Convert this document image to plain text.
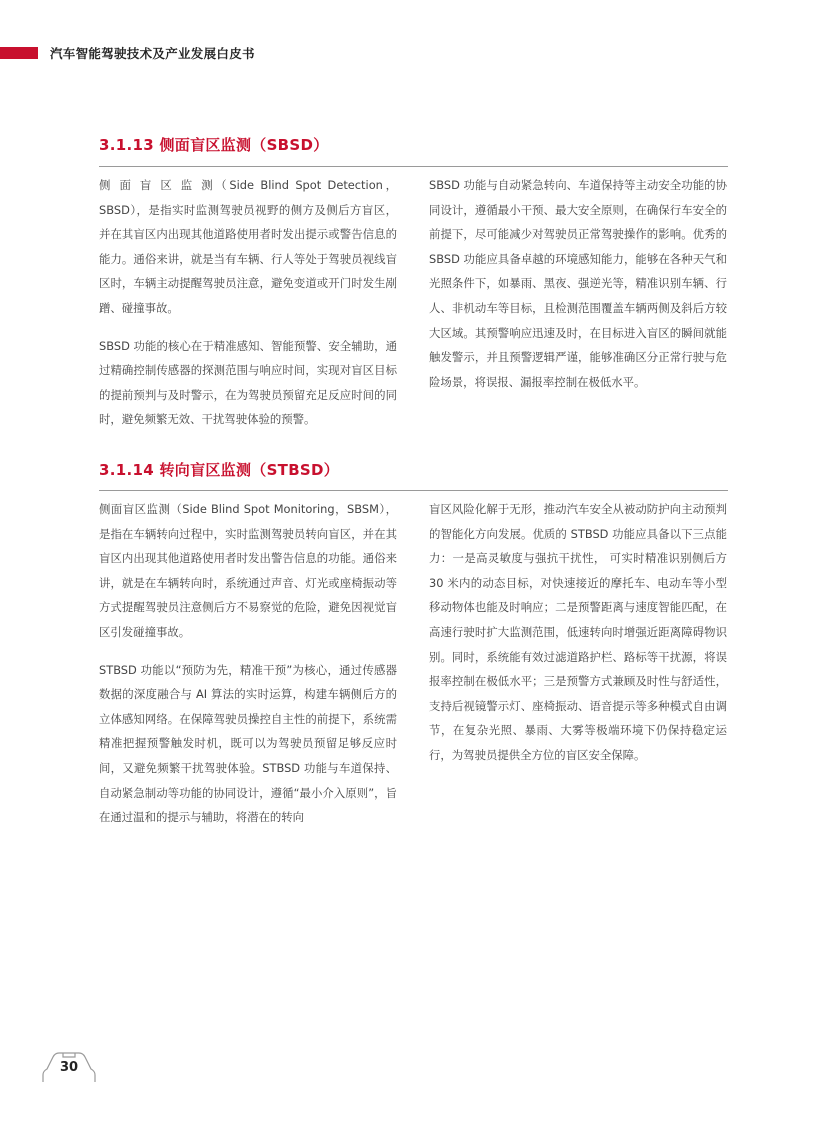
汽车智能驾驶技术及产业发展白皮书
3.1.13 侧面盲区监测（SBSD）

侧 面 盲 区 监 测（Side Blind Spot Detection，SBSD），是指实时监测驾驶员视野的侧方及侧后方盲区，并在其盲区内出现其他道路使用者时发出提示或警告信息的能力。通俗来讲，就是当有车辆、行人等处于驾驶员视线盲区时，车辆主动提醒驾驶员注意，避免变道或开门时发生剐蹭、碰撞事故。

SBSD 功能的核心在于精准感知、智能预警、安全辅助，通过精确控制传感器的探测范围与响应时间，实现对盲区目标的提前预判与及时警示，在为驾驶员预留充足反应时间的同时，避免频繁无效、干扰驾驶体验的预警。

SBSD 功能与自动紧急转向、车道保持等主动安全功能的协同设计，遵循最小干预、最大安全原则，在确保行车安全的前提下，尽可能减少对驾驶员正常驾驶操作的影响。优秀的 SBSD 功能应具备卓越的环境感知能力，能够在各种天气和光照条件下，如暴雨、黑夜、强逆光等，精准识别车辆、行人、非机动车等目标，且检测范围覆盖车辆两侧及斜后方较大区域。其预警响应迅速及时，在目标进入盲区的瞬间就能触发警示，并且预警逻辑严谨，能够准确区分正常行驶与危险场景，将误报、漏报率控制在极低水平。

3.1.14 转向盲区监测（STBSD）

侧面盲区监测（Side Blind Spot Monitoring，SBSM），是指在车辆转向过程中，实时监测驾驶员转向盲区，并在其盲区内出现其他道路使用者时发出警告信息的功能。通俗来讲，就是在车辆转向时，系统通过声音、灯光或座椅振动等方式提醒驾驶员注意侧后方不易察觉的危险，避免因视觉盲区引发碰撞事故。

STBSD 功能以“预防为先，精准干预”为核心，通过传感器数据的深度融合与 AI 算法的实时运算，构建车辆侧后方的立体感知网络。在保障驾驶员操控自主性的前提下，系统需精准把握预警触发时机，既可以为驾驶员预留足够反应时间，又避免频繁干扰驾驶体验。STBSD 功能与车道保持、自动紧急制动等功能的协同设计，遵循“最小介入原则”，旨在通过温和的提示与辅助，将潜在的转向

盲区风险化解于无形，推动汽车安全从被动防护向主动预判的智能化方向发展。优质的 STBSD 功能应具备以下三点能力：一是高灵敏度与强抗干扰性， 可实时精准识别侧后方 30 米内的动态目标，对快速接近的摩托车、电动车等小型移动物体也能及时响应；二是预警距离与速度智能匹配，在高速行驶时扩大监测范围，低速转向时增强近距离障碍物识别。同时，系统能有效过滤道路护栏、路标等干扰源，将误报率控制在极低水平；三是预警方式兼顾及时性与舒适性，支持后视镜警示灯、座椅振动、语音提示等多种模式自由调节，在复杂光照、暴雨、大雾等极端环境下仍保持稳定运行，为驾驶员提供全方位的盲区安全保障。

30
